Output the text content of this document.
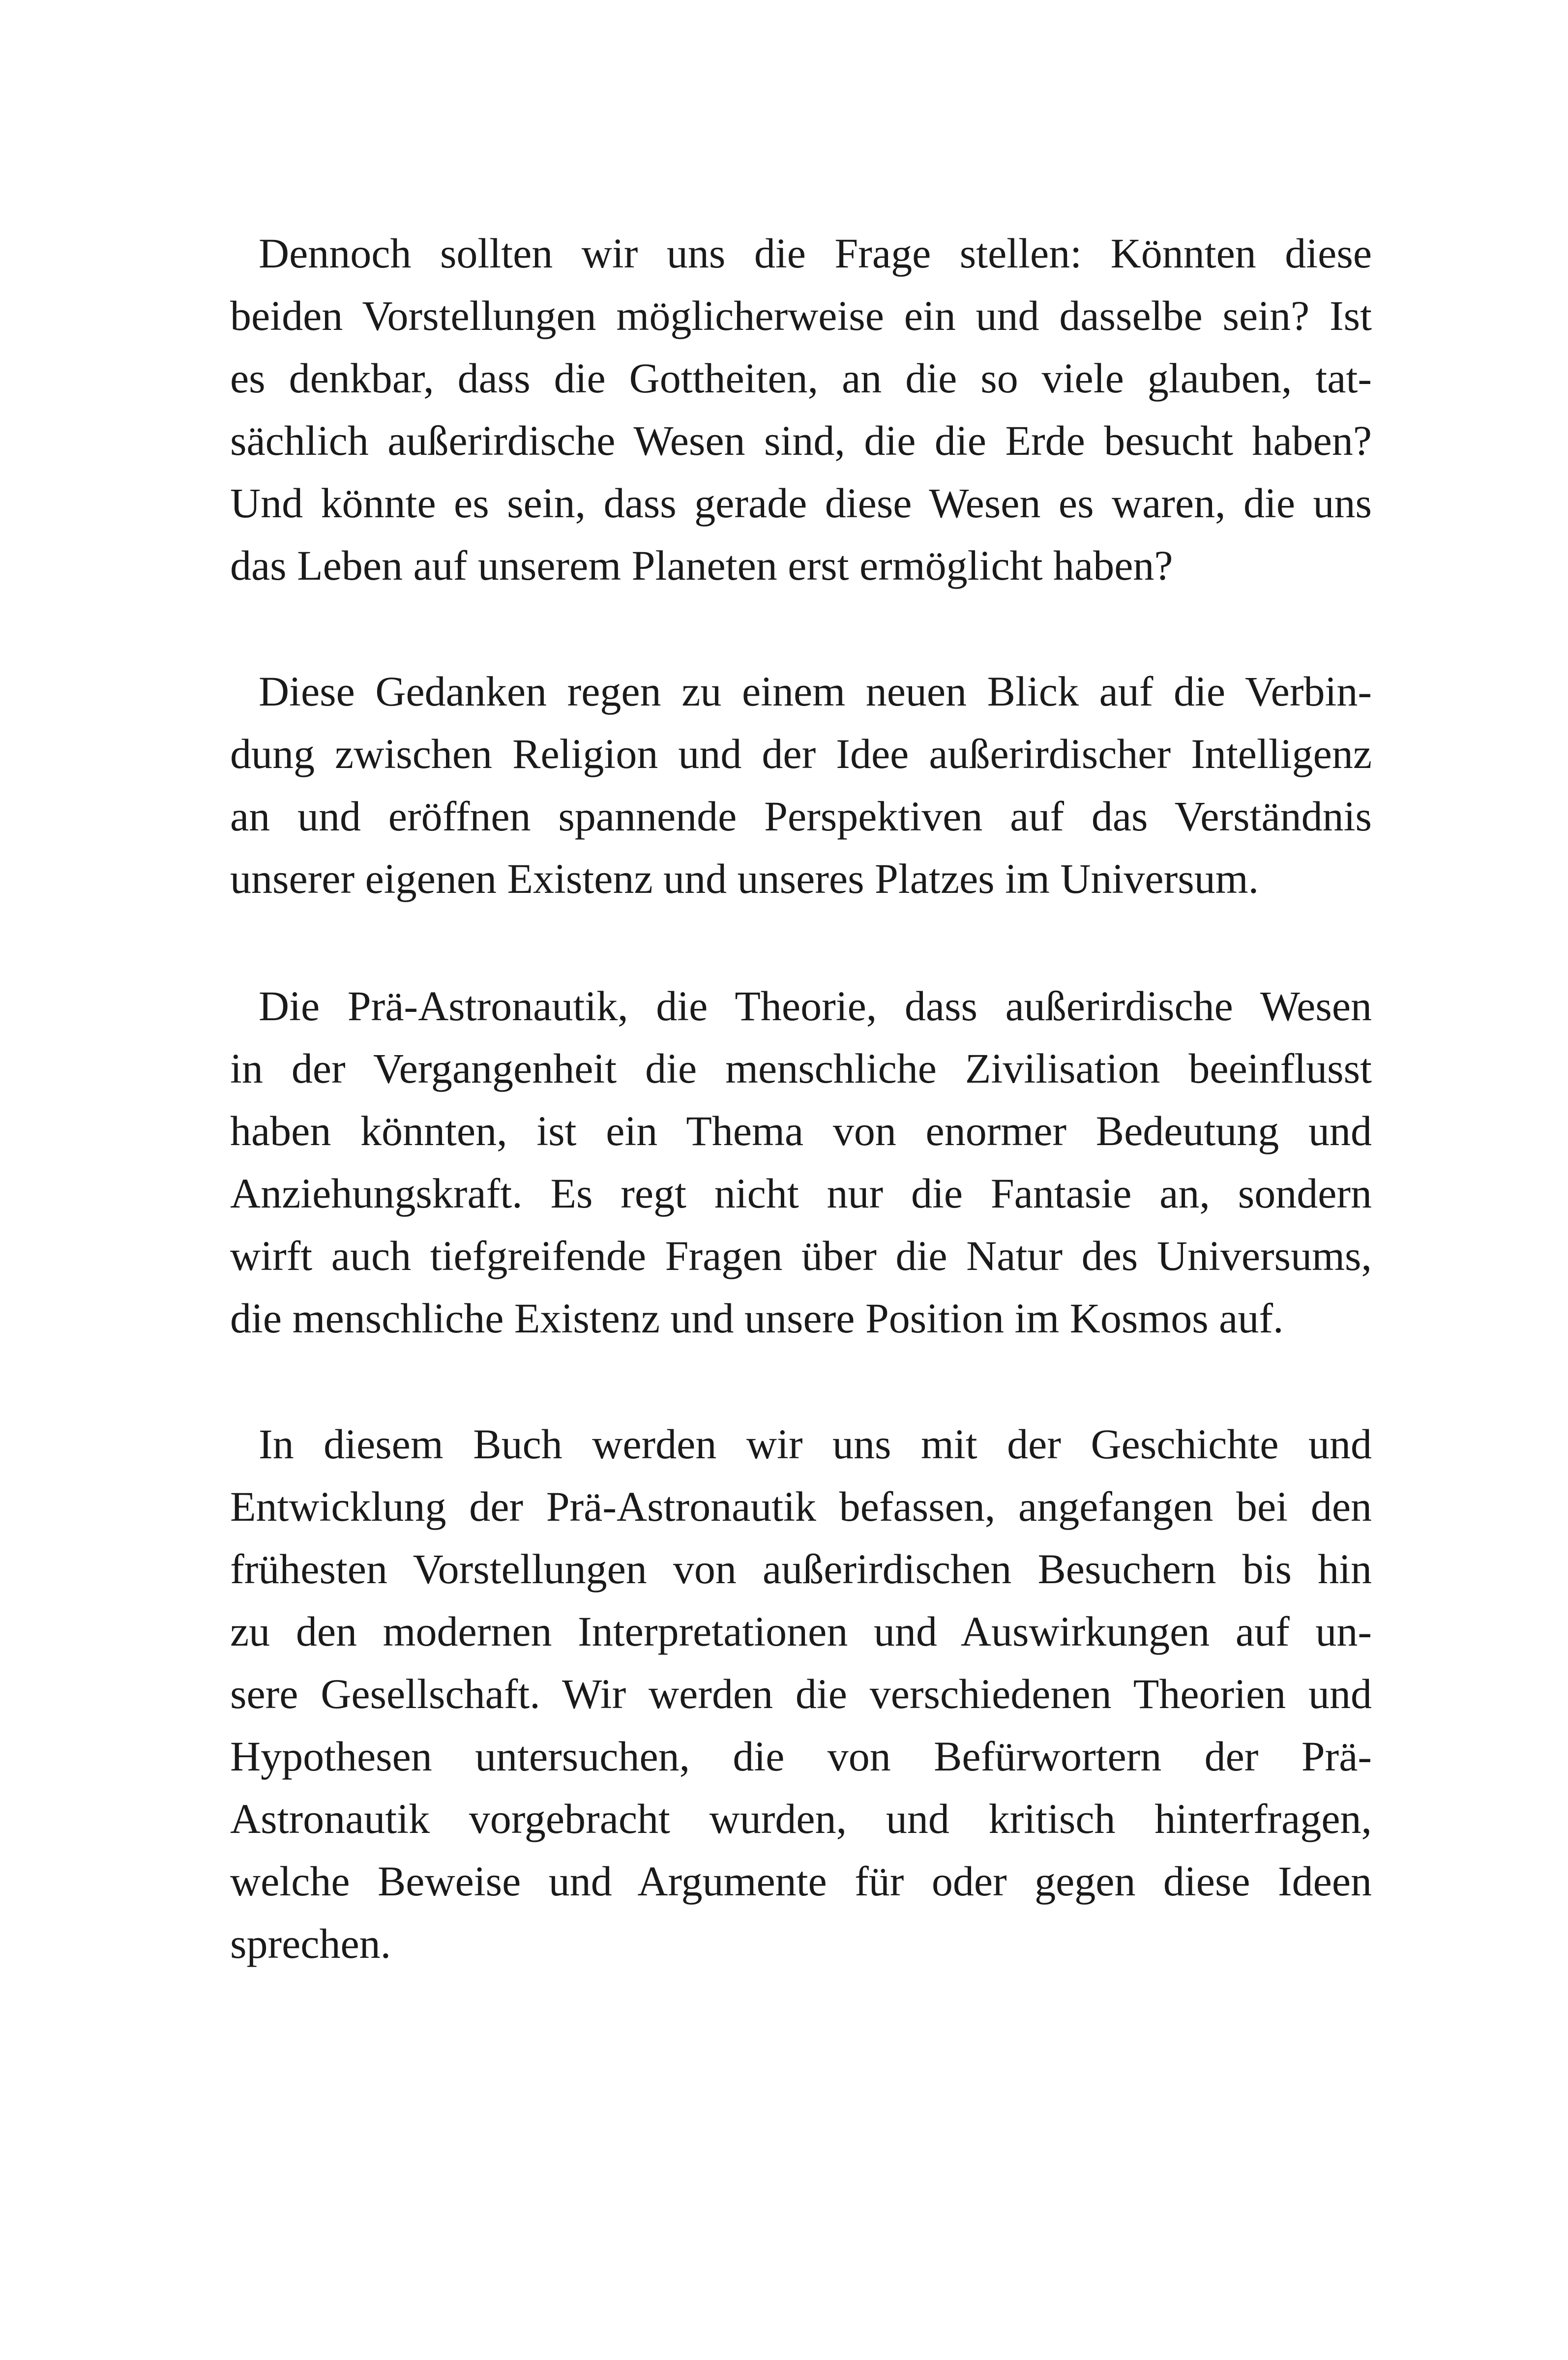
Dennoch sollten wir uns die Frage stellen: Könnten diese
beiden Vorstellungen möglicherweise ein und dasselbe sein? Ist
es denkbar, dass die Gottheiten, an die so viele glauben, tat-
sächlich außerirdische Wesen sind, die die Erde besucht haben?
Und könnte es sein, dass gerade diese Wesen es waren, die uns
das Leben auf unserem Planeten erst ermöglicht haben?
Diese Gedanken regen zu einem neuen Blick auf die Verbin-
dung zwischen Religion und der Idee außerirdischer Intelligenz
an und eröffnen spannende Perspektiven auf das Verständnis
unserer eigenen Existenz und unseres Platzes im Universum.
Die Prä-Astronautik, die Theorie, dass außerirdische Wesen
in der Vergangenheit die menschliche Zivilisation beeinflusst
haben könnten, ist ein Thema von enormer Bedeutung und
Anziehungskraft. Es regt nicht nur die Fantasie an, sondern
wirft auch tiefgreifende Fragen über die Natur des Universums,
die menschliche Existenz und unsere Position im Kosmos auf.
In diesem Buch werden wir uns mit der Geschichte und
Entwicklung der Prä-Astronautik befassen, angefangen bei den
frühesten Vorstellungen von außerirdischen Besuchern bis hin
zu den modernen Interpretationen und Auswirkungen auf un-
sere Gesellschaft. Wir werden die verschiedenen Theorien und
Hypothesen untersuchen, die von Befürwortern der Prä-
Astronautik vorgebracht wurden, und kritisch hinterfragen,
welche Beweise und Argumente für oder gegen diese Ideen
sprechen.
